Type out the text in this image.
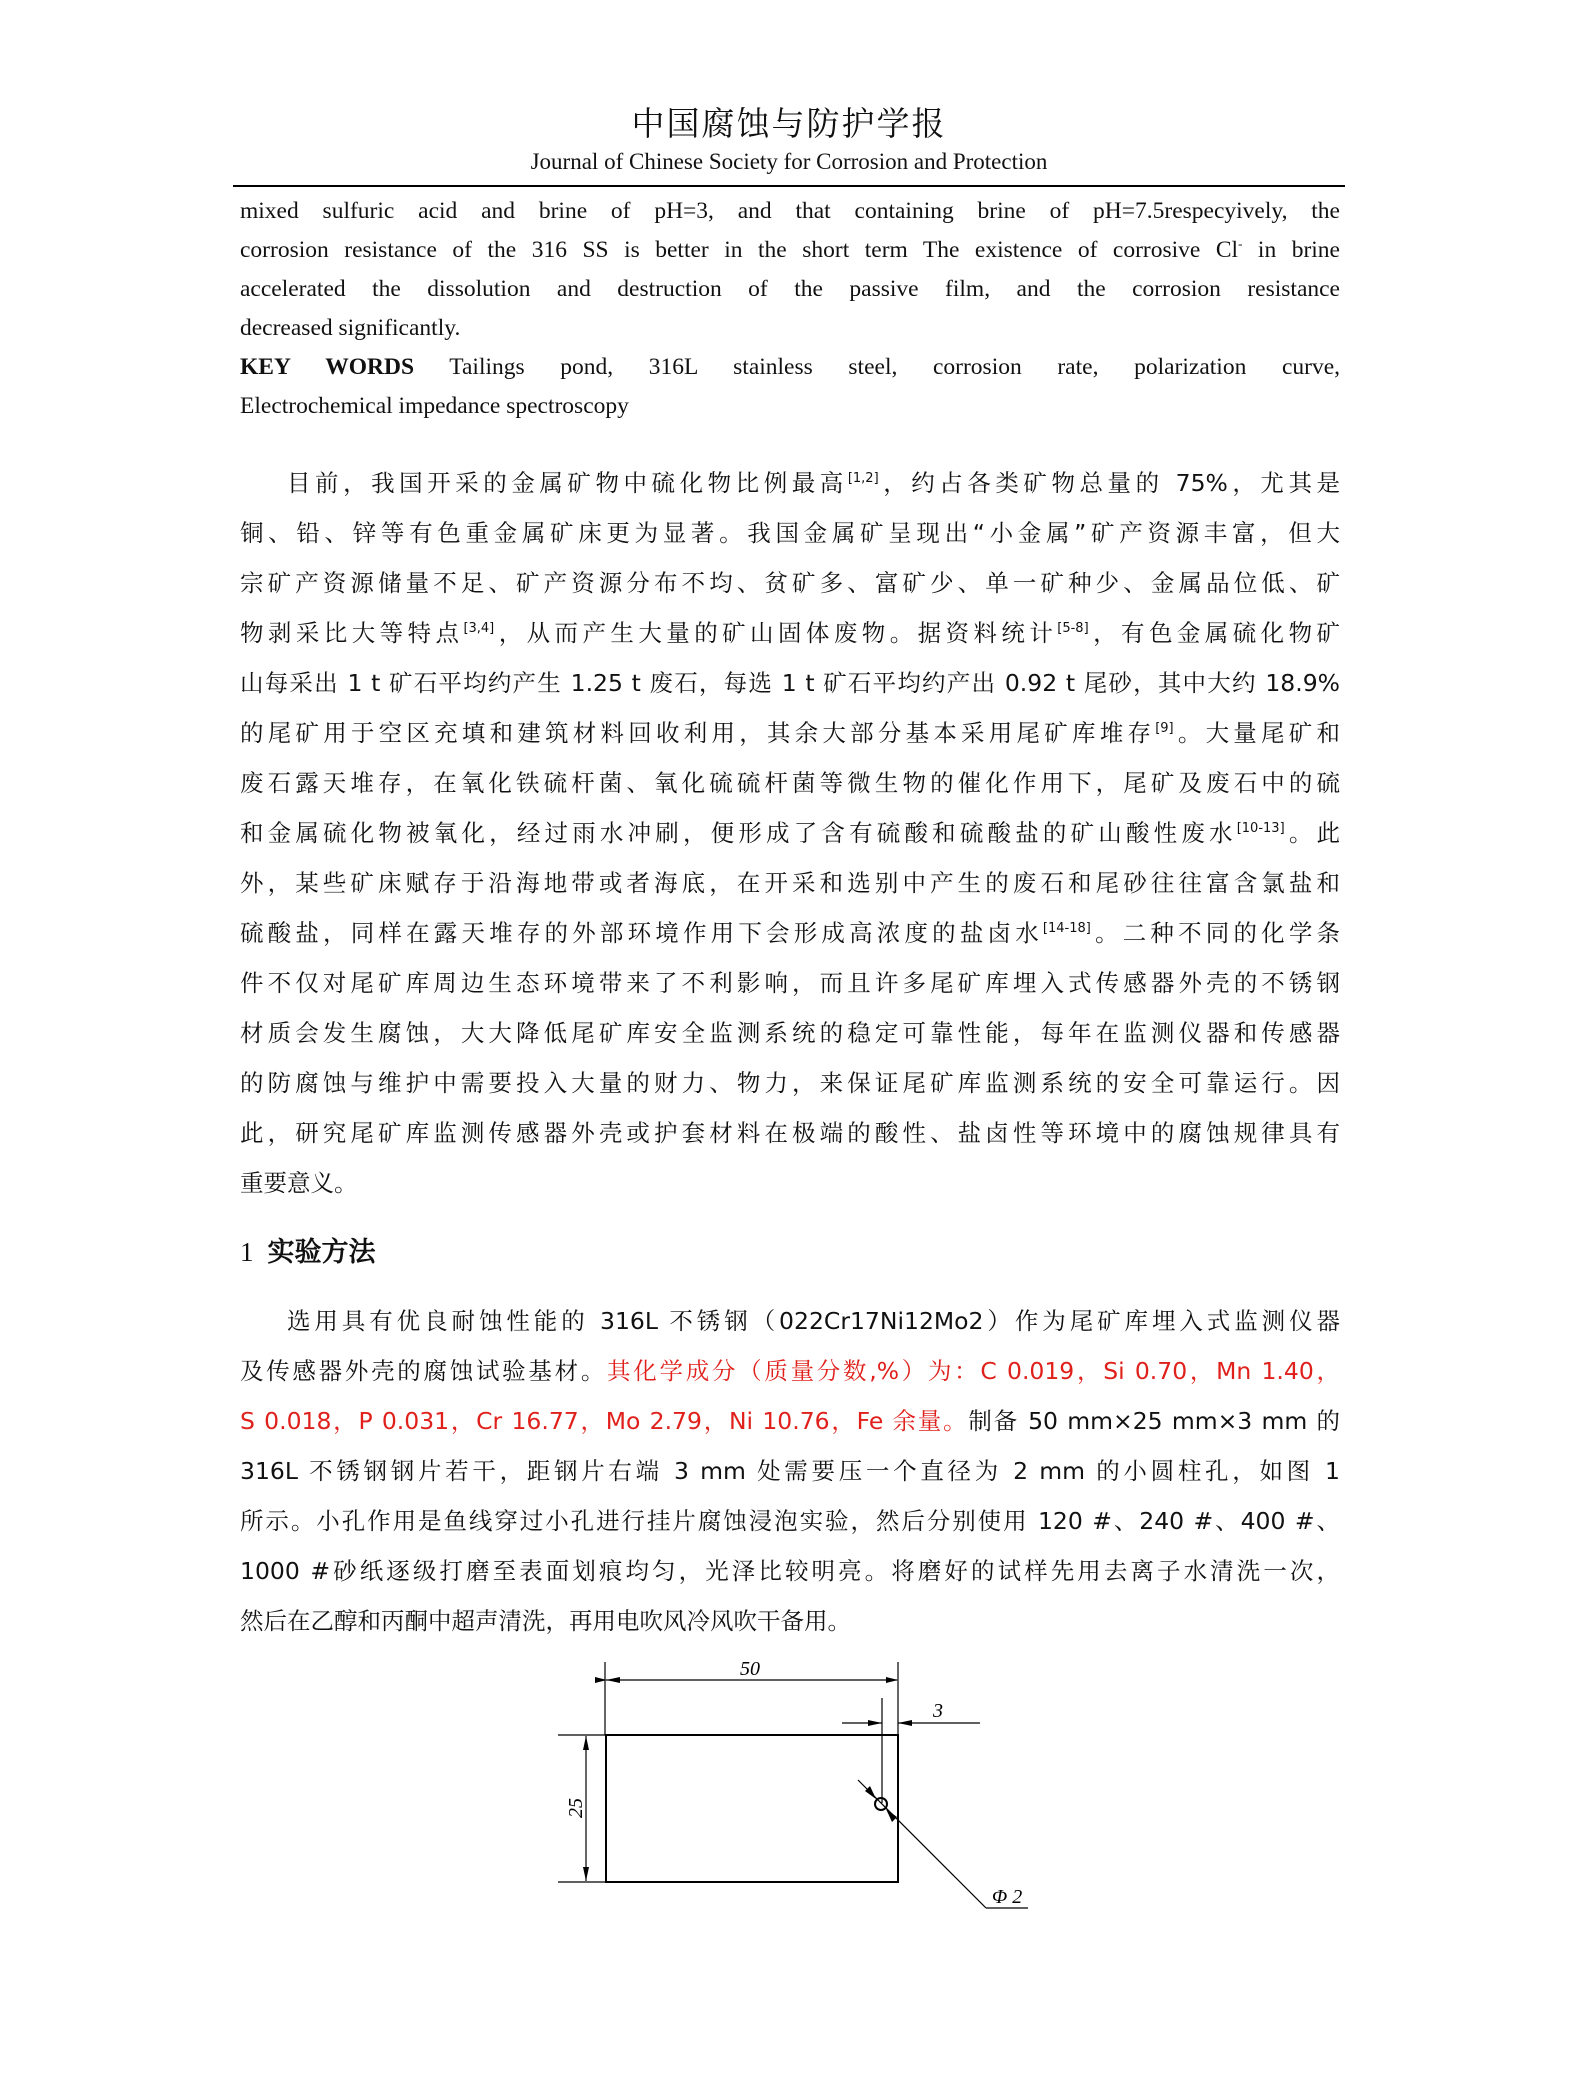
中国腐蚀与防护学报
Journal of Chinese Society for Corrosion and Protection
mixed sulfuric acid and brine of pH=3, and that containing brine of pH=7.5respecyively, the
corrosion resistance of the 316 SS is better in the short term The existence of corrosive Cl- in brine
accelerated the dissolution and destruction of the passive film, and the corrosion resistance
decreased significantly.
KEY WORDS Tailings pond, 316L stainless steel, corrosion rate, polarization curve,
Electrochemical impedance spectroscopy
目前，我国开采的金属矿物中硫化物比例最高[1,2]，约占各类矿物总量的 75%，尤其是
铜、铅、锌等有色重金属矿床更为显著。我国金属矿呈现出“小金属”矿产资源丰富，但大
宗矿产资源储量不足、矿产资源分布不均、贫矿多、富矿少、单一矿种少、金属品位低、矿
物剥采比大等特点[3,4]，从而产生大量的矿山固体废物。据资料统计[5-8]，有色金属硫化物矿
山每采出 1 t 矿石平均约产生 1.25 t 废石，每选 1 t 矿石平均约产出 0.92 t 尾砂，其中大约 18.9%
的尾矿用于空区充填和建筑材料回收利用，其余大部分基本采用尾矿库堆存[9]。大量尾矿和
废石露天堆存，在氧化铁硫杆菌、氧化硫硫杆菌等微生物的催化作用下，尾矿及废石中的硫
和金属硫化物被氧化，经过雨水冲刷，便形成了含有硫酸和硫酸盐的矿山酸性废水[10-13]。此
外，某些矿床赋存于沿海地带或者海底，在开采和选别中产生的废石和尾砂往往富含氯盐和
硫酸盐，同样在露天堆存的外部环境作用下会形成高浓度的盐卤水[14-18]。二种不同的化学条
件不仅对尾矿库周边生态环境带来了不利影响，而且许多尾矿库埋入式传感器外壳的不锈钢
材质会发生腐蚀，大大降低尾矿库安全监测系统的稳定可靠性能，每年在监测仪器和传感器
的防腐蚀与维护中需要投入大量的财力、物力，来保证尾矿库监测系统的安全可靠运行。因
此，研究尾矿库监测传感器外壳或护套材料在极端的酸性、盐卤性等环境中的腐蚀规律具有
重要意义。
1 实验方法
选用具有优良耐蚀性能的 316L 不锈钢（022Cr17Ni12Mo2）作为尾矿库埋入式监测仪器
及传感器外壳的腐蚀试验基材。其化学成分（质量分数,%）为：C 0.019，Si 0.70，Mn 1.40，
S 0.018，P 0.031，Cr 16.77，Mo 2.79，Ni 10.76，Fe 余量。制备 50 mm×25 mm×3 mm 的
316L 不锈钢钢片若干，距钢片右端 3 mm 处需要压一个直径为 2 mm 的小圆柱孔，如图 1
所示。小孔作用是鱼线穿过小孔进行挂片腐蚀浸泡实验，然后分别使用 120 #、240 #、400 #、
1000 #砂纸逐级打磨至表面划痕均匀，光泽比较明亮。将磨好的试样先用去离子水清洗一次，
然后在乙醇和丙酮中超声清洗，再用电吹风冷风吹干备用。
50
25
3
Φ 2
